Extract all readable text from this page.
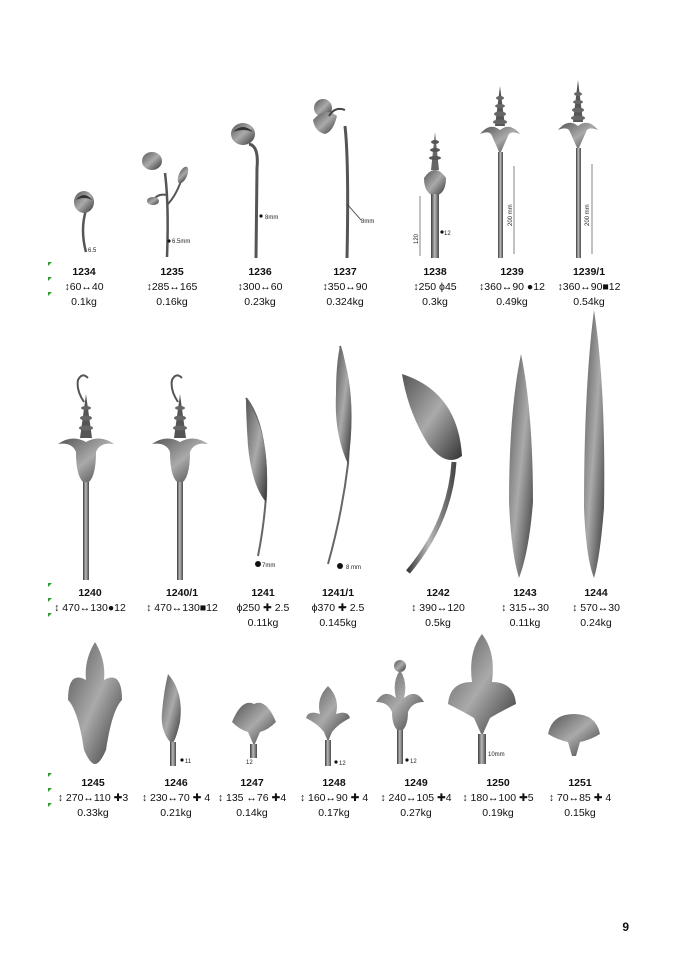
6.5
6.5mm
8mm
8mm
120	12
200 mm	200 mm
7mm	8 mm
11	12	12	12
10mm
1234
↕60↔40
0.1kg
1235
↕285↔165
0.16kg
1236
↕300↔60
0.23kg
1237
↕350↔90
0.324kg
1238
↕250 ϕ45
0.3kg
1239
↕360↔90 ●12
0.49kg
1239/1
↕360↔90■12
0.54kg
1240
↕ 470↔130●12
1240/1
↕ 470↔130■12
1241
ϕ250 ✚ 2.5
0.11kg
1241/1
ϕ370 ✚ 2.5
0.145kg
1242
↕ 390↔120
0.5kg
1243
↕ 315↔30
0.11kg
1244
↕ 570↔30
0.24kg
1245
↕ 270↔110 ✚3
0.33kg
1246
↕ 230↔70 ✚ 4
0.21kg
1247
↕ 135 ↔76 ✚4
0.14kg
1248
↕ 160↔90 ✚ 4
0.17kg
1249
↕ 240↔105 ✚4
0.27kg
1250
↕ 180↔100 ✚5
0.19kg
1251
↕ 70↔85 ✚ 4
0.15kg
9
